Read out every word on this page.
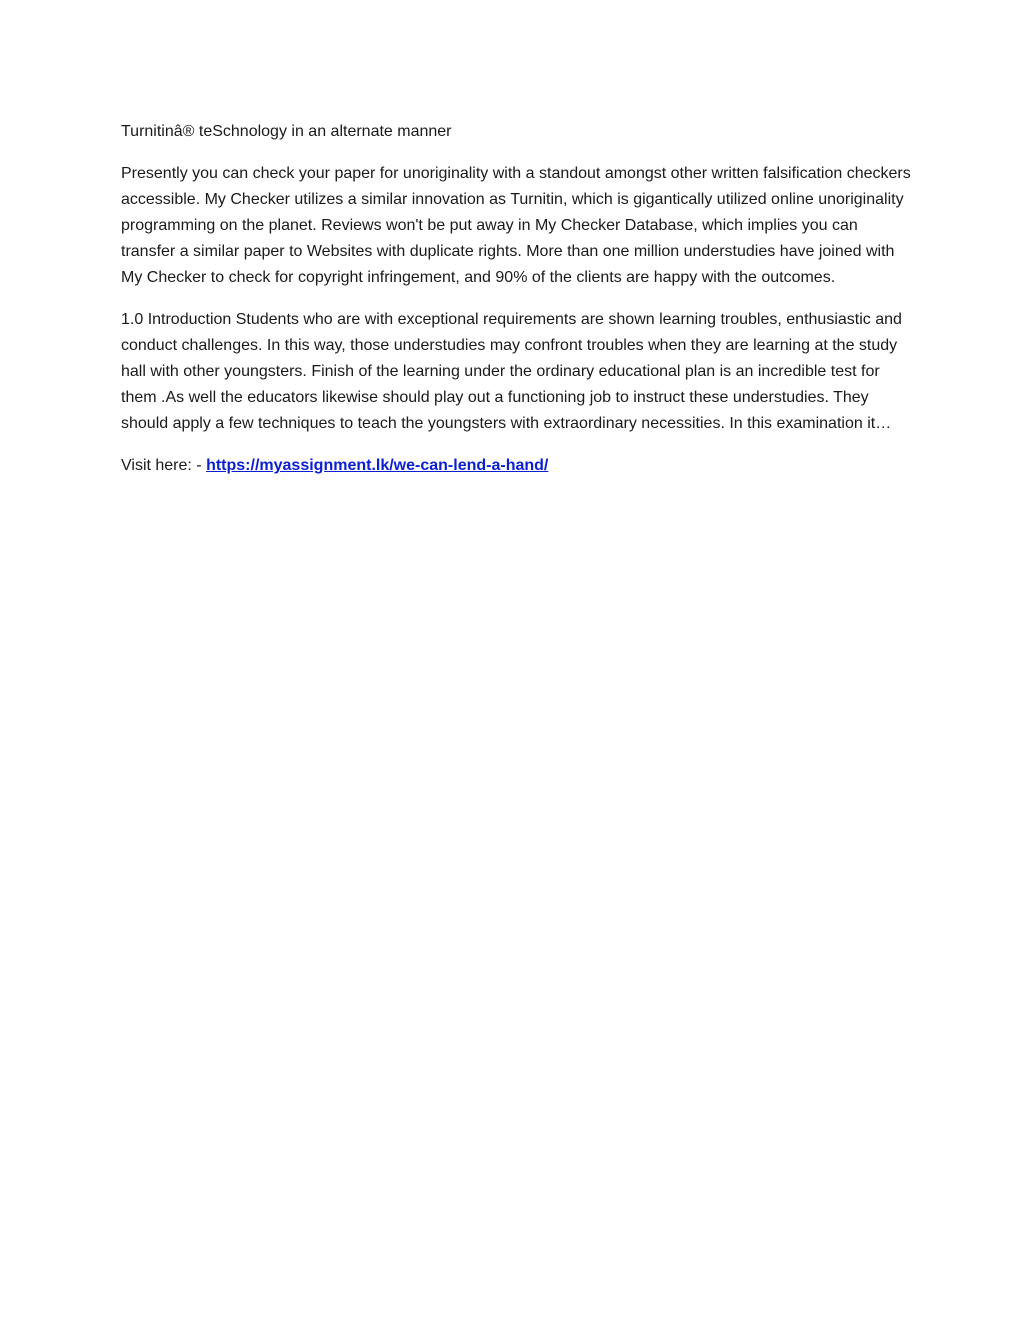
Turnitinâ® teSchnology in an alternate manner

Presently you can check your paper for unoriginality with a standout amongst other written falsification checkers accessible. My Checker utilizes a similar innovation as Turnitin, which is gigantically utilized online unoriginality programming on the planet. Reviews won't be put away in My Checker Database, which implies you can transfer a similar paper to Websites with duplicate rights. More than one million understudies have joined with My Checker to check for copyright infringement, and 90% of the clients are happy with the outcomes.

1.0 Introduction Students who are with exceptional requirements are shown learning troubles, enthusiastic and conduct challenges. In this way, those understudies may confront troubles when they are learning at the study hall with other youngsters. Finish of the learning under the ordinary educational plan is an incredible test for them .As well the educators likewise should play out a functioning job to instruct these understudies. They should apply a few techniques to teach the youngsters with extraordinary necessities. In this examination it…

Visit here: - https://myassignment.lk/we-can-lend-a-hand/
